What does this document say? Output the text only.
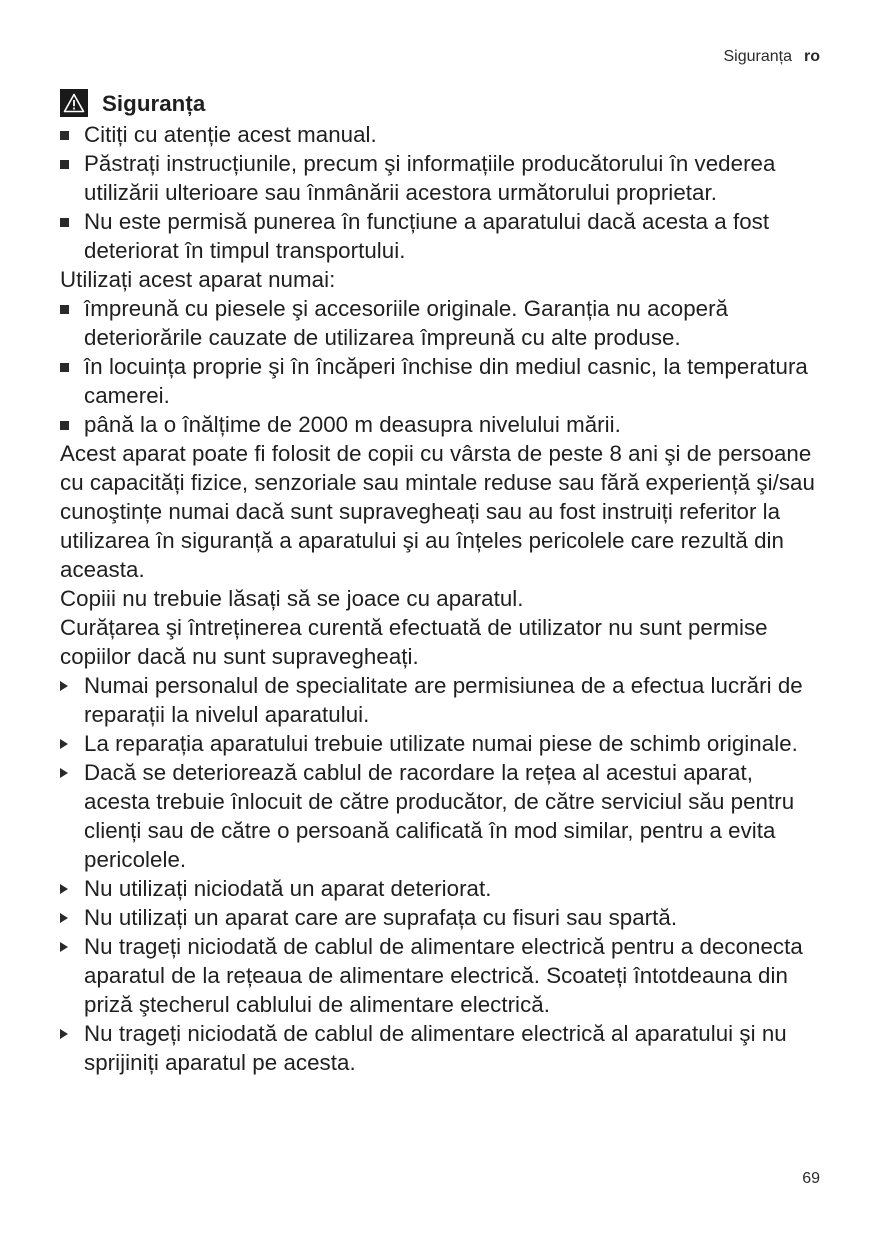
Siguranța ro
Siguranța
Citiți cu atenție acest manual.
Păstrați instrucțiunile, precum şi informațiile producătorului în vederea utilizării ulterioare sau înmânării acestora următorului proprietar.
Nu este permisă punerea în funcțiune a aparatului dacă acesta a fost deteriorat în timpul transportului.

Utilizați acest aparat numai:

împreună cu piesele şi accesoriile originale. Garanția nu acoperă deteriorările cauzate de utilizarea împreună cu alte produse.
în locuința proprie şi în încăperi închise din mediul casnic, la temperatura camerei.
până la o înălțime de 2000 m deasupra nivelului mării.

Acest aparat poate fi folosit de copii cu vârsta de peste 8 ani şi de persoane cu capacități fizice, senzoriale sau mintale reduse sau fără experiență şi/sau cunoştințe numai dacă sunt supravegheați sau au fost instruiți referitor la utilizarea în siguranță a aparatului şi au înțeles pericolele care rezultă din aceasta.

Copiii nu trebuie lăsați să se joace cu aparatul.

Curățarea şi întreținerea curentă efectuată de utilizator nu sunt permise copiilor dacă nu sunt supravegheați.

Numai personalul de specialitate are permisiunea de a efectua lucrări de reparații la nivelul aparatului.
La reparația aparatului trebuie utilizate numai piese de schimb originale.
Dacă se deteriorează cablul de racordare la rețea al acestui aparat, acesta trebuie înlocuit de către producător, de către serviciul său pentru clienți sau de către o persoană calificată în mod similar, pentru a evita pericolele.
Nu utilizați niciodată un aparat deteriorat.
Nu utilizați un aparat care are suprafața cu fisuri sau spartă.
Nu trageți niciodată de cablul de alimentare electrică pentru a deconecta aparatul de la rețeaua de alimentare electrică. Scoateți întotdeauna din priză ştecherul cablului de alimentare electrică.
Nu trageți niciodată de cablul de alimentare electrică al aparatului şi nu sprijiniți aparatul pe acesta.
69
